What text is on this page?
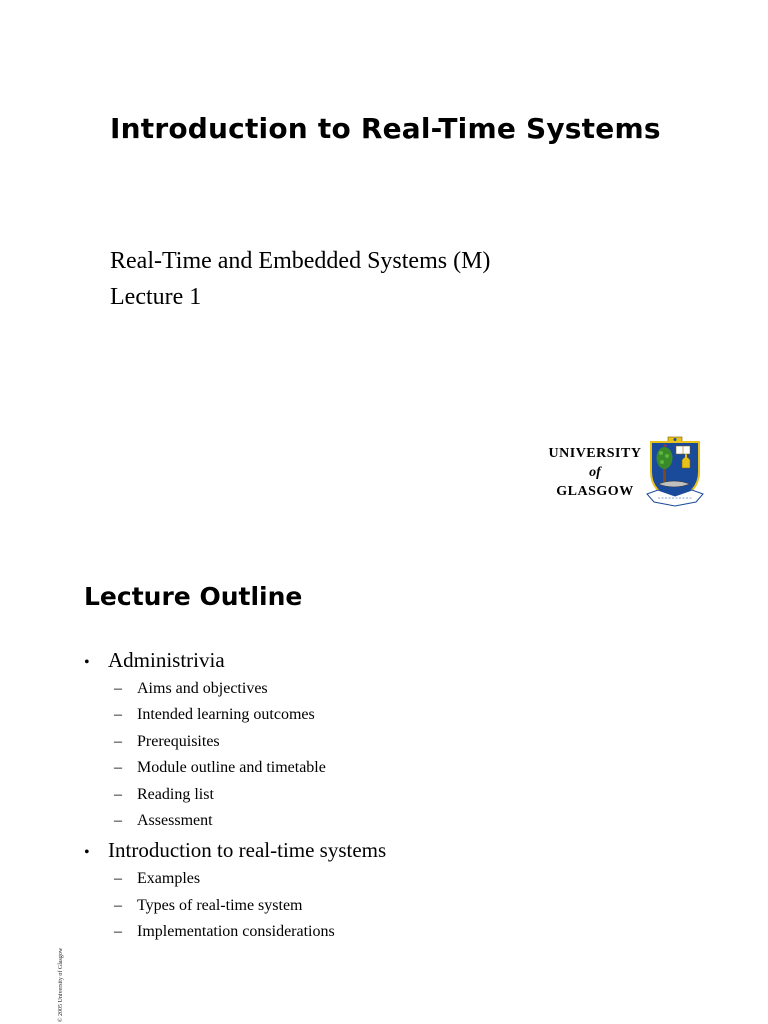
Introduction to Real-Time Systems
Real-Time and Embedded Systems (M)
Lecture 1
UNIVERSITY
of
GLASGOW
Lecture Outline
• Administrivia
– Aims and objectives
– Intended learning outcomes
– Prerequisites
– Module outline and timetable
– Reading list
– Assessment
• Introduction to real-time systems
– Examples
– Types of real-time system
– Implementation considerations
© 2005 University of Glasgow
